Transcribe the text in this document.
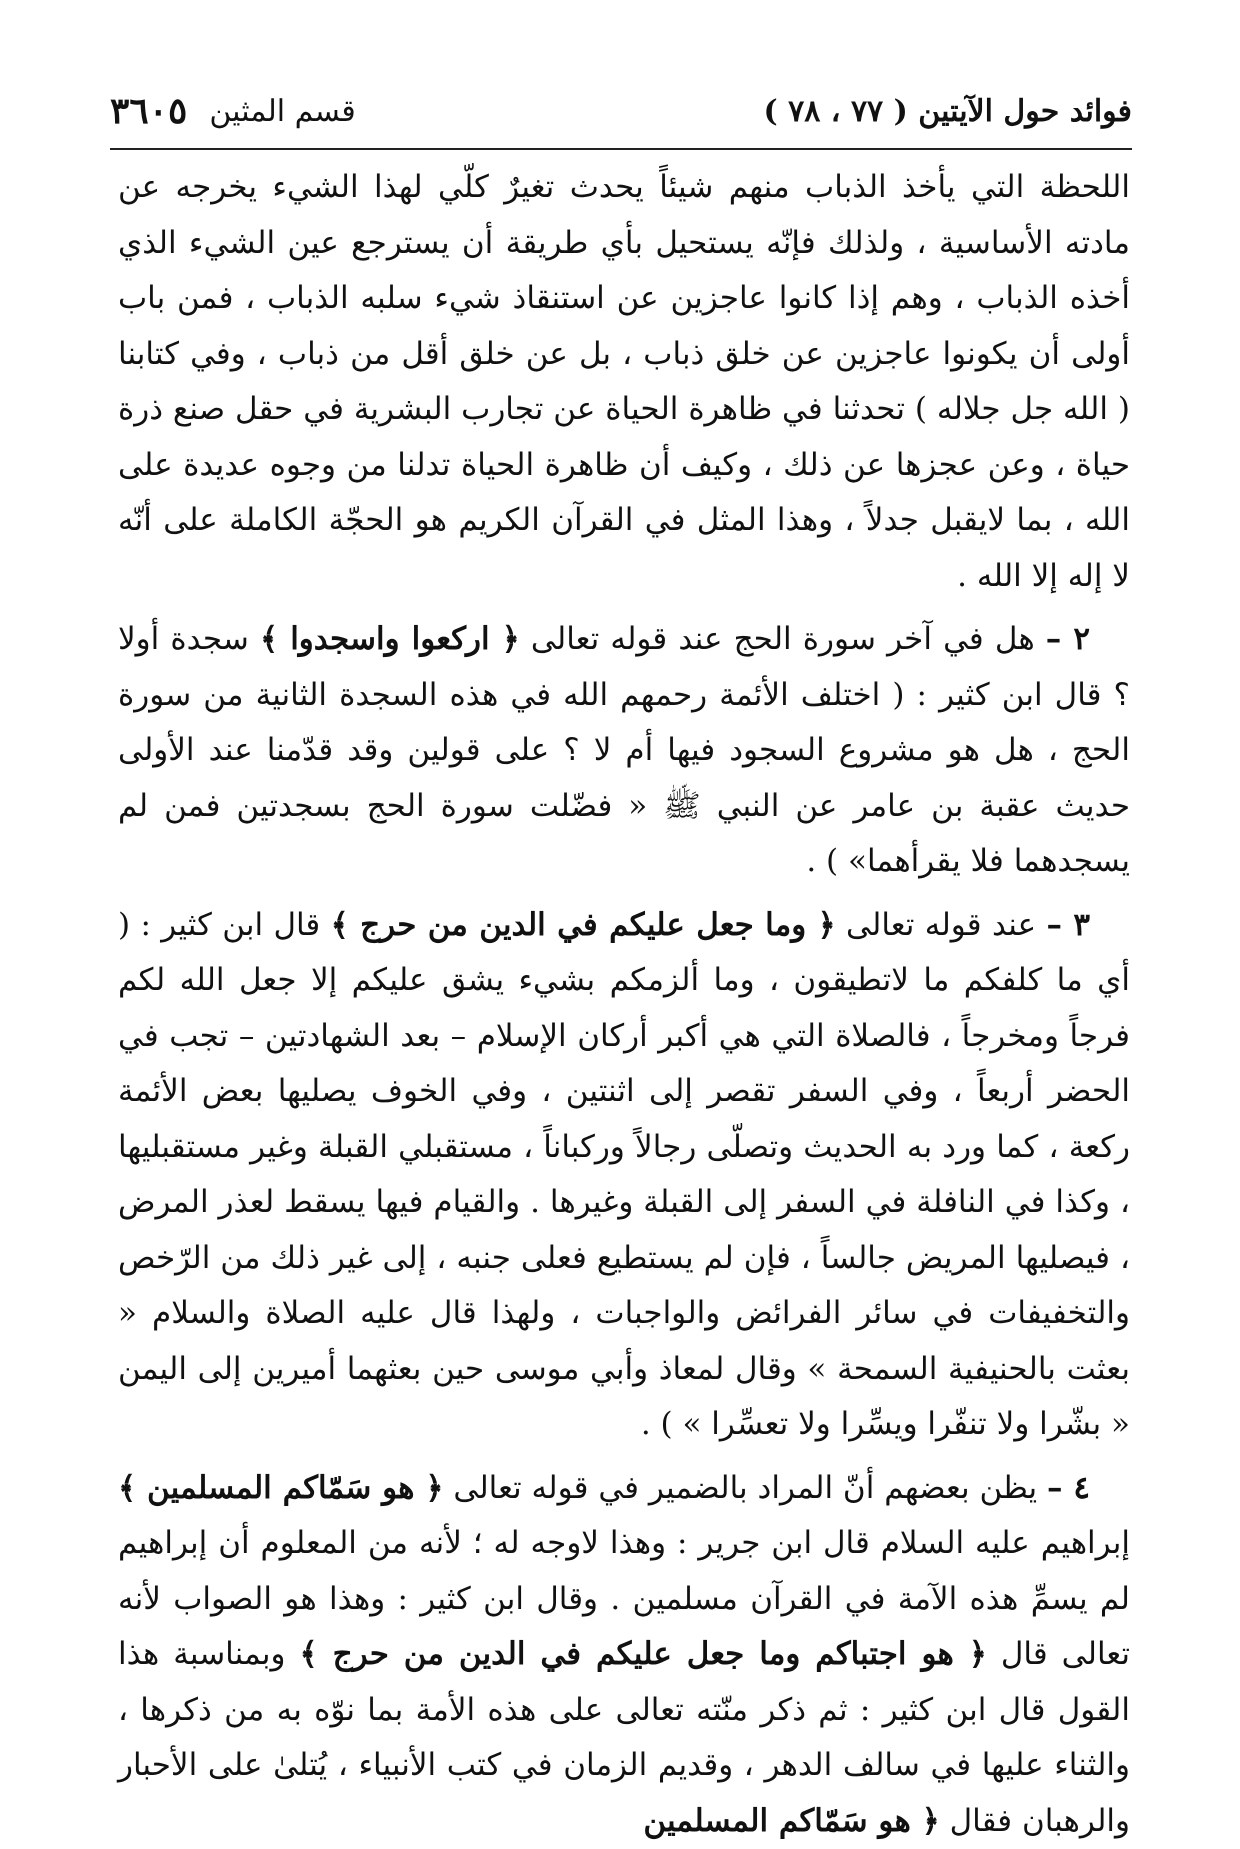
فوائد حول الآيتين ( ٧٧ ، ٧٨ )
قسم المثين
٣٦٠٥

اللحظة التي يأخذ الذباب منهم شيئاً يحدث تغيرٌ كلّي لهذا الشيء يخرجه عن مادته الأساسية ، ولذلك فإنّه يستحيل بأي طريقة أن يسترجع عين الشيء الذي أخذه الذباب ، وهم إذا كانوا عاجزين عن استنقاذ شيء سلبه الذباب ، فمن باب أولى أن يكونوا عاجزين عن خلق ذباب ، بل عن خلق أقل من ذباب ، وفي كتابنا ( الله جل جلاله ) تحدثنا في ظاهرة الحياة عن تجارب البشرية في حقل صنع ذرة حياة ، وعن عجزها عن ذلك ، وكيف أن ظاهرة الحياة تدلنا من وجوه عديدة على الله ، بما لايقبل جدلاً ، وهذا المثل في القرآن الكريم هو الحجّة الكاملة على أنّه لا إله إلا الله .

٢ – هل في آخر سورة الحج عند قوله تعالى ﴿ اركعوا واسجدوا ﴾ سجدة أولا ؟ قال ابن كثير : ( اختلف الأئمة رحمهم الله في هذه السجدة الثانية من سورة الحج ، هل هو مشروع السجود فيها أم لا ؟ على قولين وقد قدّمنا عند الأولى حديث عقبة بن عامر عن النبي ﷺ « فضّلت سورة الحج بسجدتين فمن لم يسجدهما فلا يقرأهما» ) .

٣ – عند قوله تعالى ﴿ وما جعل عليكم في الدين من حرج ﴾ قال ابن كثير : ( أي ما كلفكم ما لاتطيقون ، وما ألزمكم بشيء يشق عليكم إلا جعل الله لكم فرجاً ومخرجاً ، فالصلاة التي هي أكبر أركان الإسلام – بعد الشهادتين – تجب في الحضر أربعاً ، وفي السفر تقصر إلى اثنتين ، وفي الخوف يصليها بعض الأئمة ركعة ، كما ورد به الحديث وتصلّى رجالاً وركباناً ، مستقبلي القبلة وغير مستقبليها ، وكذا في النافلة في السفر إلى القبلة وغيرها . والقيام فيها يسقط لعذر المرض ، فيصليها المريض جالساً ، فإن لم يستطيع فعلى جنبه ، إلى غير ذلك من الرّخص والتخفيفات في سائر الفرائض والواجبات ، ولهذا قال عليه الصلاة والسلام « بعثت بالحنيفية السمحة » وقال لمعاذ وأبي موسى حين بعثهما أميرين إلى اليمن « بشّرا ولا تنفّرا ويسِّرا ولا تعسِّرا » ) .

٤ – يظن بعضهم أنّ المراد بالضمير في قوله تعالى ﴿ هو سَمّاكم المسلمين ﴾ إبراهيم عليه السلام قال ابن جرير : وهذا لاوجه له ؛ لأنه من المعلوم أن إبراهيم لم يسمِّ هذه الآمة في القرآن مسلمين . وقال ابن كثير : وهذا هو الصواب لأنه تعالى قال ﴿ هو اجتباكم وما جعل عليكم في الدين من حرج ﴾ وبمناسبة هذا القول قال ابن كثير : ثم ذكر منّته تعالى على هذه الأمة بما نوّه به من ذكرها ، والثناء عليها في سالف الدهر ، وقديم الزمان في كتب الأنبياء ، يُتلىٰ على الأحبار والرهبان فقال ﴿ هو سَمّاكم المسلمين
